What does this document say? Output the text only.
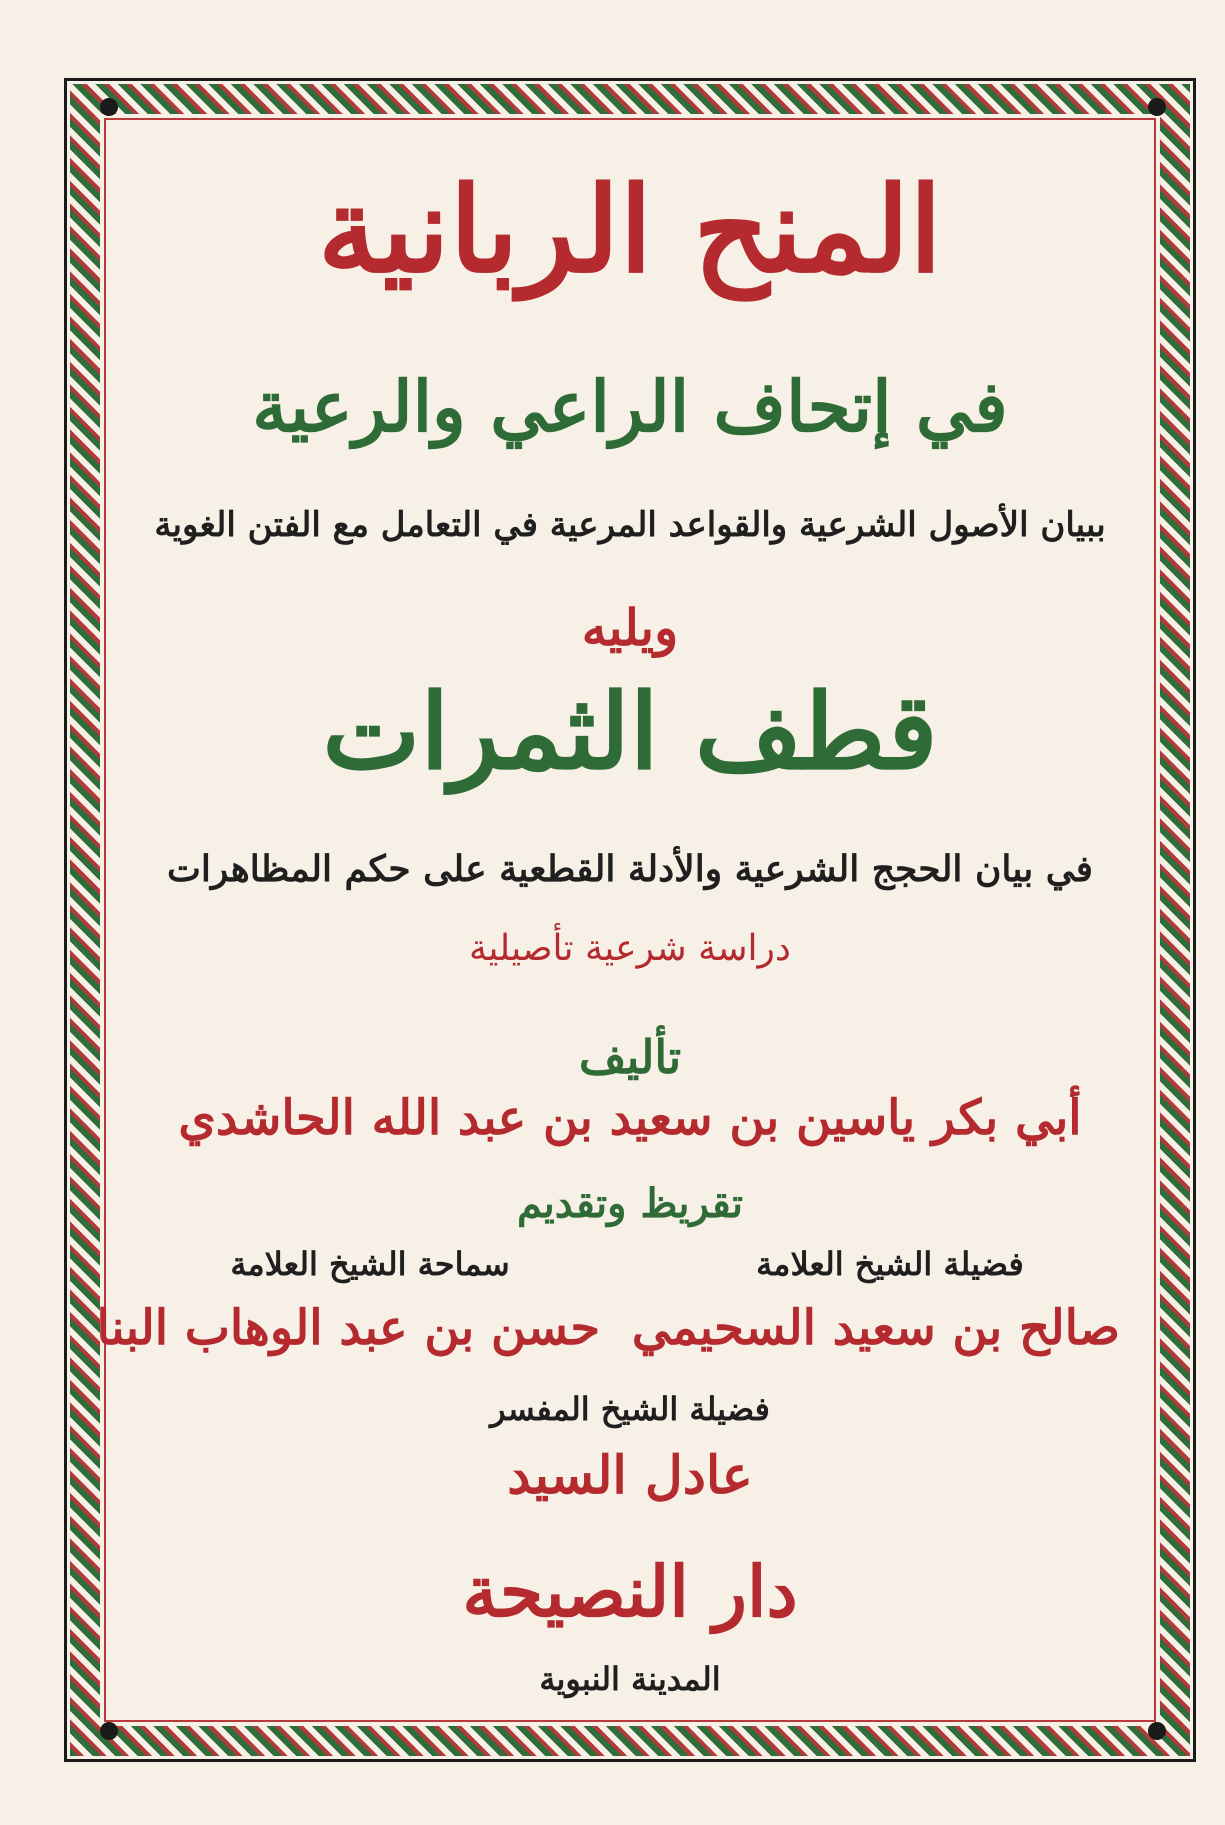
المنح الربانية
في إتحاف الراعي والرعية
ببيان الأصول الشرعية والقواعد المرعية في التعامل مع الفتن الغوية
ويليه
قطف الثمرات
في بيان الحجج الشرعية والأدلة القطعية على حكم المظاهرات
دراسة شرعية تأصيلية
تأليف
أبي بكر ياسين بن سعيد بن عبد الله الحاشدي
تقريظ وتقديم
فضيلة الشيخ العلامة
سماحة الشيخ العلامة
صالح بن سعيد السحيمي
حسن بن عبد الوهاب البنا
فضيلة الشيخ المفسر
عادل السيد
دار النصيحة
المدينة النبوية
